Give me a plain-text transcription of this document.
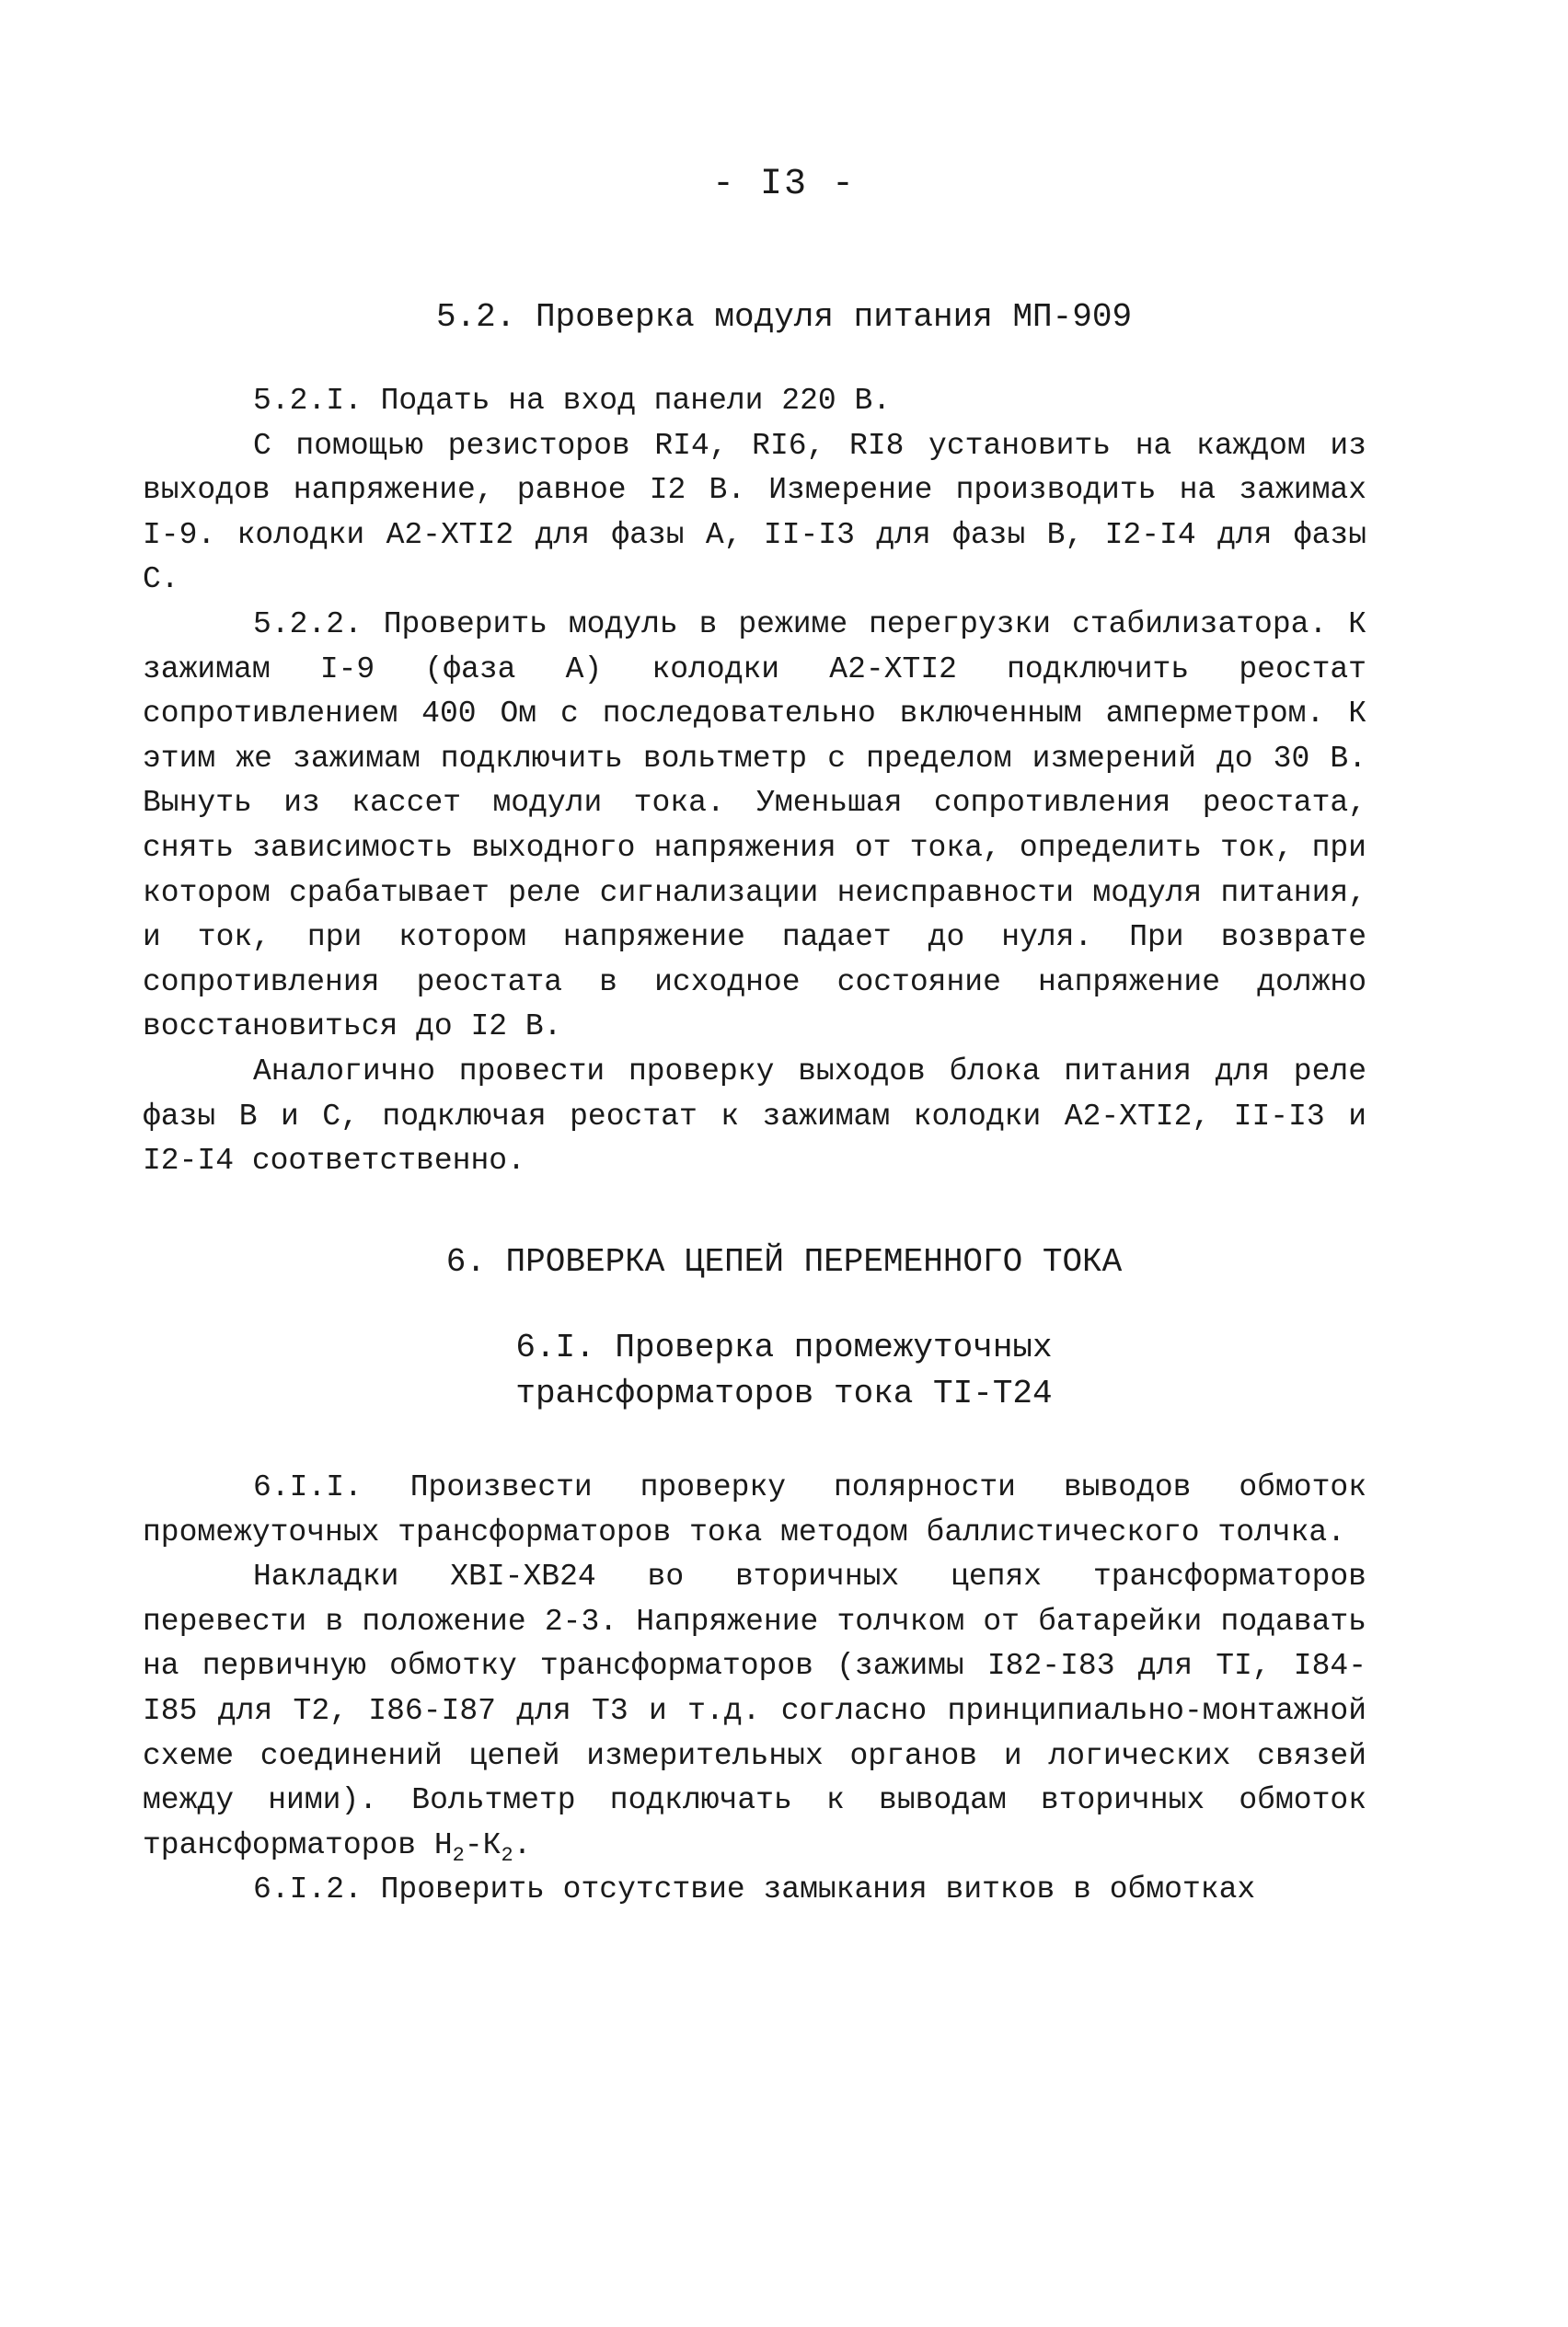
- I3 -
5.2. Проверка модуля питания МП-909

5.2.I. Подать на вход панели 220 В.

С помощью резисторов RI4, RI6, RI8 установить на каждом из выходов напряжение, равное I2 В. Измерение производить на зажимах I-9. колодки А2-ХТI2 для фазы А, II-I3 для фазы В, I2-I4 для фазы С.

5.2.2. Проверить модуль в режиме перегрузки стабилизатора. К зажимам I-9 (фаза А) колодки А2-ХТI2 подключить реостат сопротивлением 400 Ом с последовательно включенным амперметром. К этим же зажимам подключить вольтметр с пределом измерений до 30 В. Вынуть из кассет модули тока. Уменьшая сопротивления реостата, снять зависимость выходного напряжения от тока, определить ток, при котором срабатывает реле сигнализации неисправности модуля питания, и ток, при котором напряжение падает до нуля. При возврате сопротивления реостата в исходное состояние напряжение должно восстановиться до I2 В.

Аналогично провести проверку выходов блока питания для реле фазы В и С, подключая реостат к зажимам колодки А2-ХТI2, II-I3 и I2-I4 соответственно.

6. ПРОВЕРКА ЦЕПЕЙ ПЕРЕМЕННОГО ТОКА
6.I. Проверка промежуточных
трансформаторов тока TI-T24

6.I.I. Произвести проверку полярности выводов обмоток промежуточных трансформаторов тока методом баллистического толчка.

Накладки ХВI-ХВ24 во вторичных цепях трансформаторов перевести в положение 2-3. Напряжение толчком от батарейки подавать на первичную обмотку трансформаторов (зажимы I82-I83 для TI, I84-I85 для T2, I86-I87 для T3 и т.д. согласно принципиально-монтажной схеме соединений цепей измерительных органов и логических связей между ними). Вольтметр подключать к выводам вторичных обмоток трансформаторов $Н_2-К_2$.

6.I.2. Проверить отсутствие замыкания витков в обмотках
